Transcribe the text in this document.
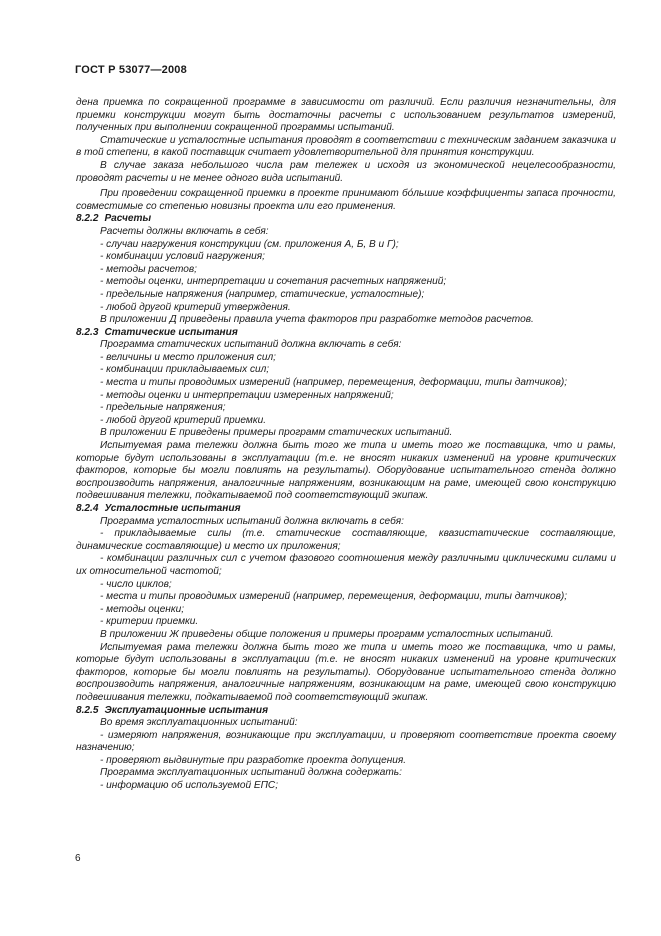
ГОСТ Р 53077—2008

дена приемка по сокращенной программе в зависимости от различий. Если различия незначительны, для приемки конструкции могут быть достаточны расчеты с использованием результатов измерений, полученных при выполнении сокращенной программы испытаний.

Статические и усталостные испытания проводят в соответствии с техническим заданием заказчика и в той степени, в какой поставщик считает удовлетворительной для принятия конструкции.

В случае заказа небольшого числа рам тележек и исходя из экономической нецелесообразности, проводят расчеты и не менее одного вида испытаний.

При проведении сокращенной приемки в проекте принимают бо́льшие коэффициенты запаса прочности, совместимые со степенью новизны проекта или его применения.

8.2.2 Расчеты

Расчеты должны включать в себя:

- случаи нагружения конструкции (см. приложения А, Б, В и Г);

- комбинации условий нагружения;

- методы расчетов;

- методы оценки, интерпретации и сочетания расчетных напряжений;

- предельные напряжения (например, статические, усталостные);

- любой другой критерий утверждения.

В приложении Д приведены правила учета факторов при разработке методов расчетов.

8.2.3 Статические испытания

Программа статических испытаний должна включать в себя:

- величины и место приложения сил;

- комбинации прикладываемых сил;

- места и типы проводимых измерений (например, перемещения, деформации, типы датчиков);

- методы оценки и интерпретации измеренных напряжений;

- предельные напряжения;

- любой другой критерий приемки.

В приложении Е приведены примеры программ статических испытаний.

Испытуемая рама тележки должна быть того же типа и иметь того же поставщика, что и рамы, которые будут использованы в эксплуатации (т.е. не вносят никаких изменений на уровне критических факторов, которые бы могли повлиять на результаты). Оборудование испытательного стенда должно воспроизводить напряжения, аналогичные напряжениям, возникающим на раме, имеющей свою конструкцию подвешивания тележки, подкатываемой под соответствующий экипаж.

8.2.4 Усталостные испытания

Программа усталостных испытаний должна включать в себя:

- прикладываемые силы (т.е. статические составляющие, квазистатические составляющие, динамические составляющие) и место их приложения;

- комбинации различных сил с учетом фазового соотношения между различными циклическими силами и их относительной частотой;

- число циклов;

- места и типы проводимых измерений (например, перемещения, деформации, типы датчиков);

- методы оценки;

- критерии приемки.

В приложении Ж приведены общие положения и примеры программ усталостных испытаний.

Испытуемая рама тележки должна быть того же типа и иметь того же поставщика, что и рамы, которые будут использованы в эксплуатации (т.е. не вносят никаких изменений на уровне критических факторов, которые бы могли повлиять на результаты). Оборудование испытательного стенда должно воспроизводить напряжения, аналогичные напряжениям, возникающим на раме, имеющей свою конструкцию подвешивания тележки, подкатываемой под соответствующий экипаж.

8.2.5 Эксплуатационные испытания

Во время эксплуатационных испытаний:

- измеряют напряжения, возникающие при эксплуатации, и проверяют соответствие проекта своему назначению;

- проверяют выдвинутые при разработке проекта допущения.

Программа эксплуатационных испытаний должна содержать:

- информацию об используемой ЕПС;

6
